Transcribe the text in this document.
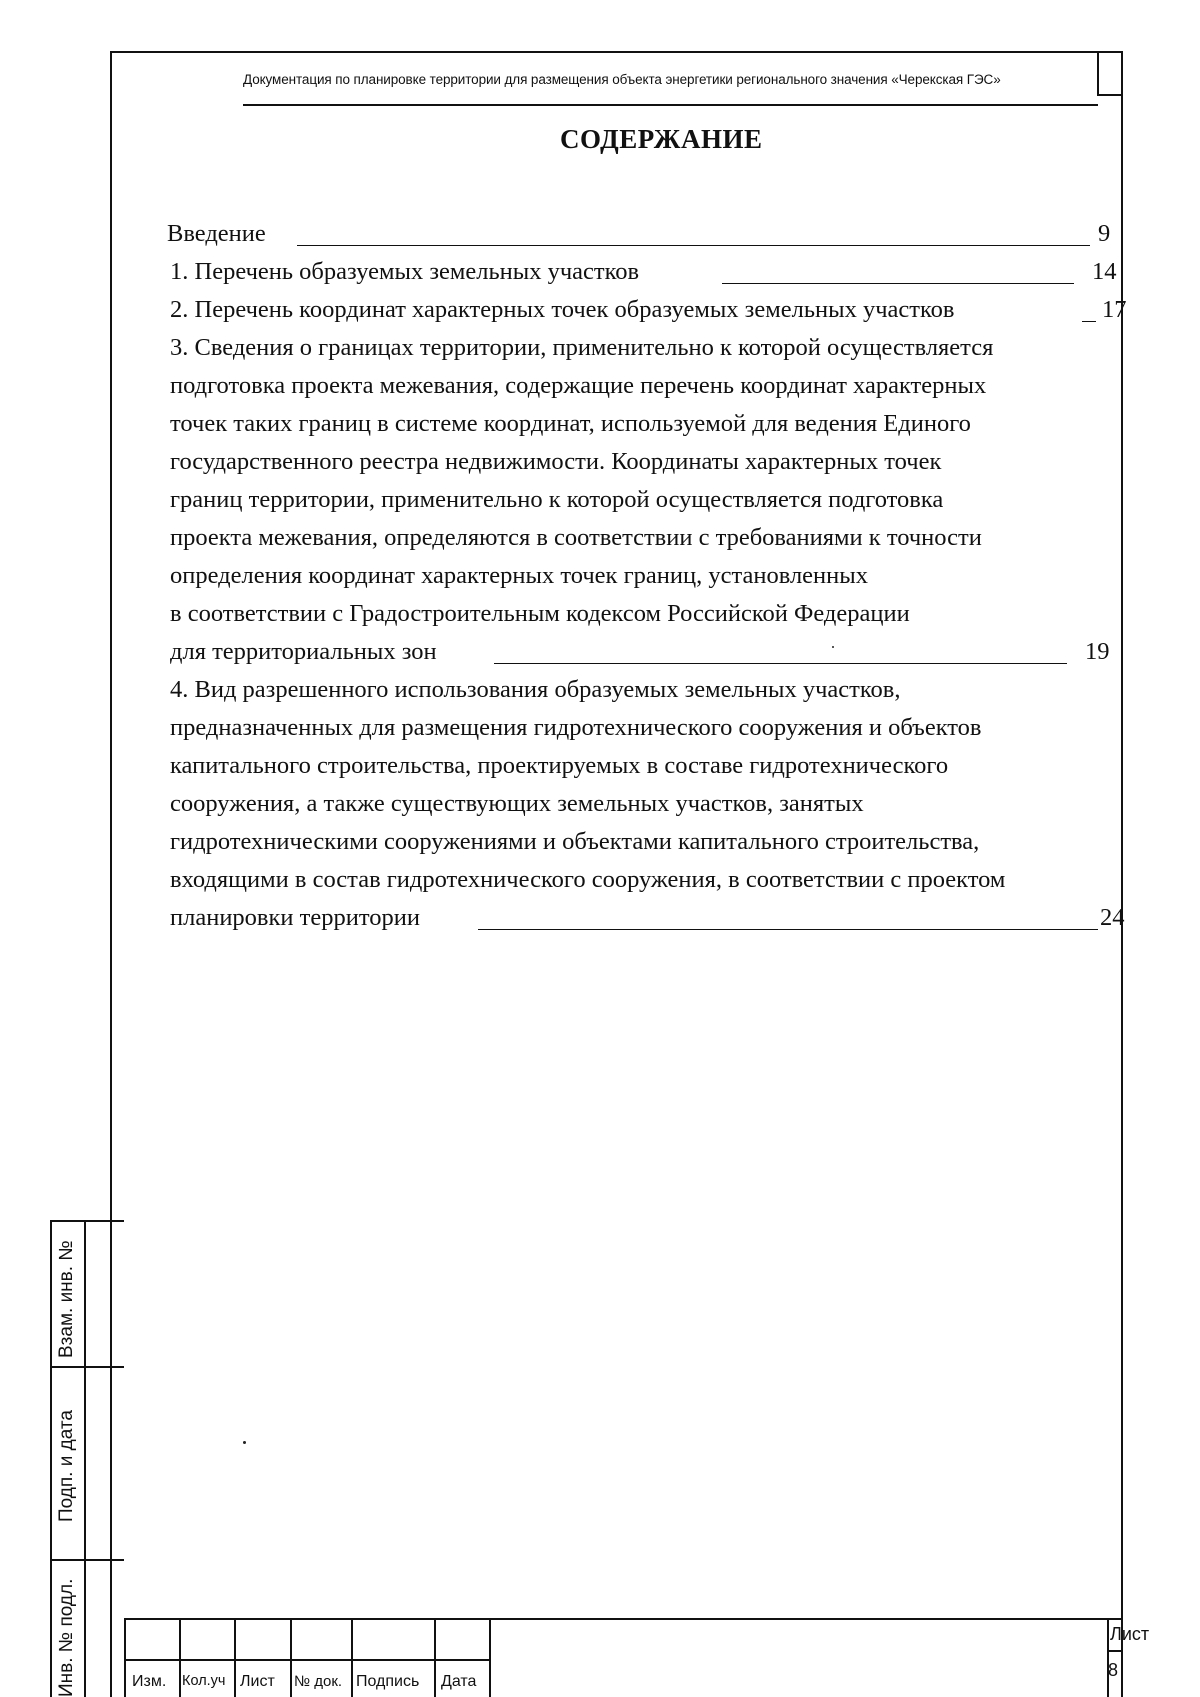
Документация по планировке территории для размещения объекта энергетики регионального значения «Черекская ГЭС»
СОДЕРЖАНИЕ
Введение	9
1. Перечень образуемых земельных участков	14
2. Перечень координат характерных точек образуемых земельных участков	17
3. Сведения о границах территории, применительно к которой осуществляется
подготовка проекта межевания, содержащие перечень координат характерных
точек таких границ в системе координат, используемой для ведения Единого
государственного реестра недвижимости. Координаты характерных точек
границ территории, применительно к которой осуществляется подготовка
проекта межевания, определяются в соответствии с требованиями к точности
определения координат характерных точек границ, установленных
в соответствии с Градостроительным кодексом Российской Федерации
для территориальных зон	19
4. Вид разрешенного использования образуемых земельных участков,
предназначенных для размещения гидротехнического сооружения и объектов
капитального строительства, проектируемых в составе гидротехнического
сооружения, а также существующих земельных участков, занятых
гидротехническими сооружениями и объектами капитального строительства,
входящими в состав гидротехнического сооружения, в соответствии с проектом
планировки территории	24
Взам. инв. №
Подп. и дата
Инв. № подл.	Изм. Кол.уч Лист № док. Подпись Дата
Лист
8
